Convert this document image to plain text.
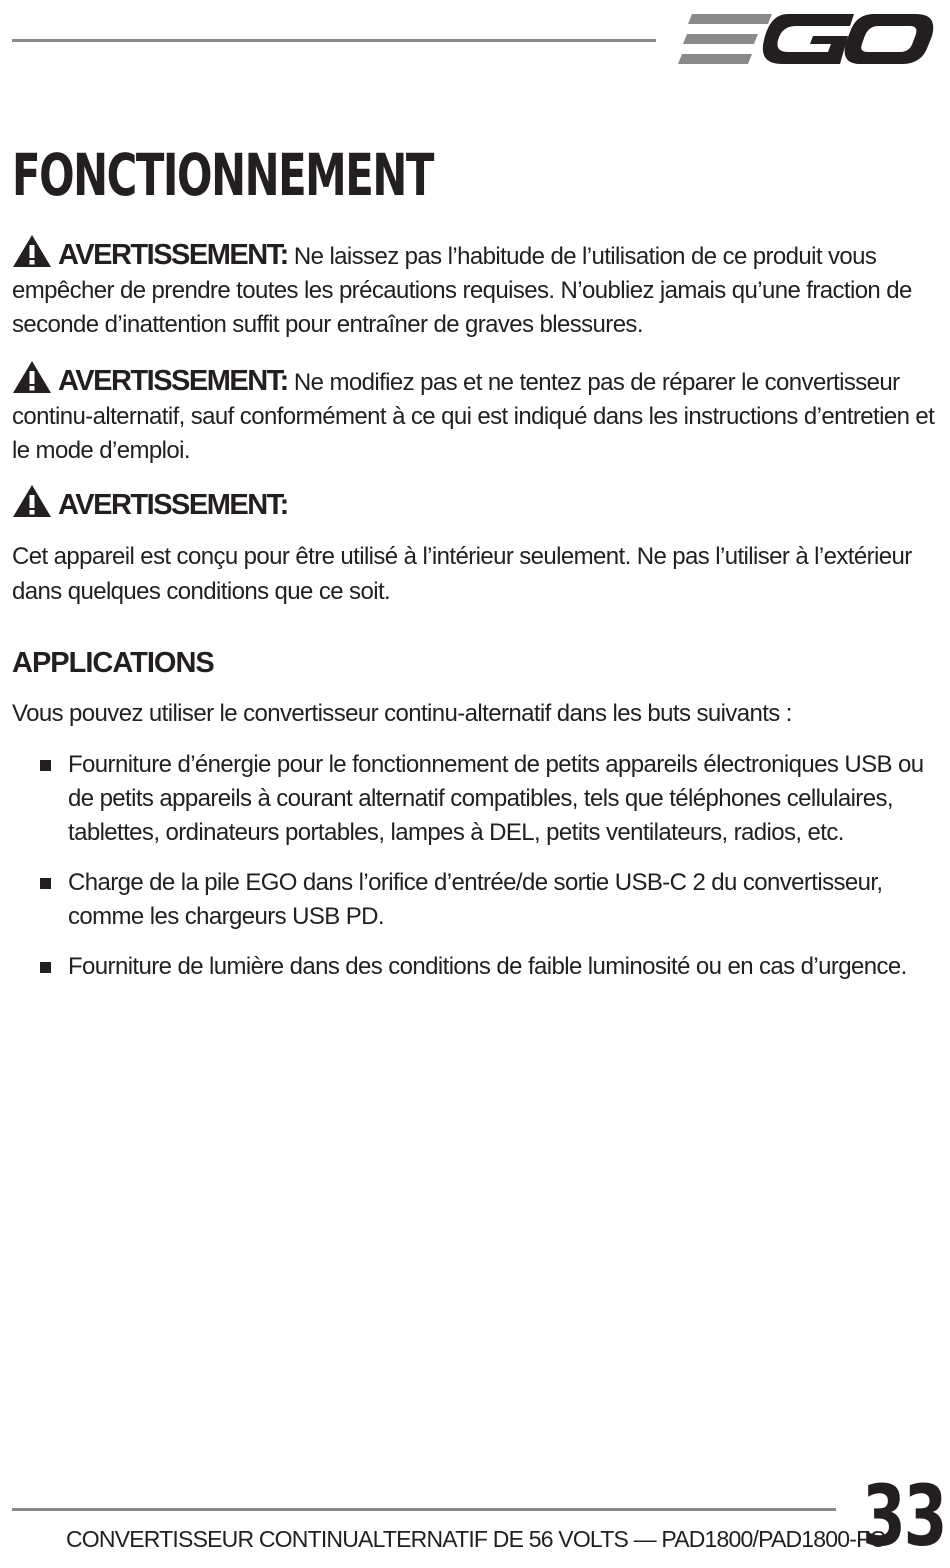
FONCTIONNEMENT

AVERTISSEMENT: Ne laissez pas l’habitude de l’utilisation de ce produit vous empêcher de prendre toutes les précautions requises. N’oubliez jamais qu’une fraction de seconde d’inattention suffit pour entraîner de graves blessures.

AVERTISSEMENT: Ne modifiez pas et ne tentez pas de réparer le convertisseur continu-alternatif, sauf conformément à ce qui est indiqué dans les instructions d’entretien et le mode d’emploi.

AVERTISSEMENT:

Cet appareil est conçu pour être utilisé à l’intérieur seulement. Ne pas l’utiliser à l’extérieur dans quelques conditions que ce soit.

APPLICATIONS

Vous pouvez utiliser le convertisseur continu-alternatif dans les buts suivants :

Fourniture d’énergie pour le fonctionnement de petits appareils électroniques USB ou de petits appareils à courant alternatif compatibles, tels que téléphones cellulaires, tablettes, ordinateurs portables, lampes à DEL, petits ventilateurs, radios, etc.
Charge de la pile EGO dans l’orifice d’entrée/de sortie USB-C 2 du convertisseur, comme les chargeurs USB PD.
Fourniture de lumière dans des conditions de faible luminosité ou en cas d’urgence.
CONVERTISSEUR CONTINUALTERNATIF DE 56 VOLTS — PAD1800/PAD1800-FC
33
